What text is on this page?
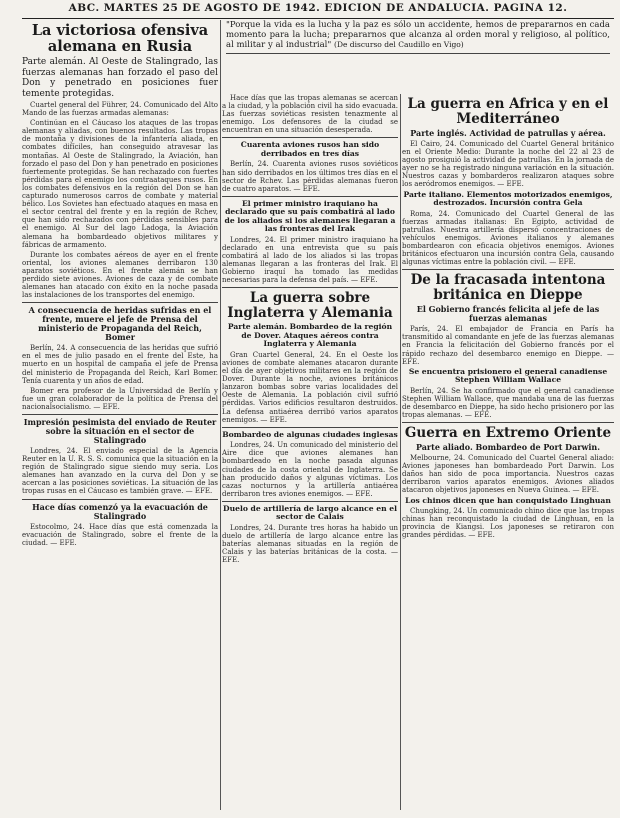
ABC. MARTES 25 DE AGOSTO DE 1942. EDICION DE ANDALUCIA. PAGINA 12.
La victoriosa ofensiva alemana en Rusia
Parte alemán. Al Oeste de Stalingrado, las fuerzas alemanas han forzado el paso del Don y penetrado en posiciones fuer temente protegidas.

Cuartel general del Führer, 24. Comunicado del Alto Mando de las fuerzas armadas alemanas:

Continúan en el Cáucaso los ataques de las tropas alemanas y aliadas, con buenos resultados. Las tropas de montaña y divisiones de la infantería aliada, en combates difíciles, han conseguido atravesar las montañas. Al Oeste de Stalingrado, la Aviación, han forzado el paso del Don y han penetrado en posiciones fuertemente protegidas. Se han rechazado con fuertes pérdidas para el enemigo los contraataques rusos. En los combates defensivos en la región del Don se han capturado numerosos carros de combate y material bélico. Los Sovietes han efectuado ataques en masa en el sector central del frente y en la región de Rchev, que han sido rechazados con pérdidas sensibles para el enemigo. Al Sur del lago Ladoga, la Aviación alemana ha bombardeado objetivos militares y fábricas de armamento.

Durante los combates aéreos de ayer en el frente oriental, los aviones alemanes derribaron 130 aparatos soviéticos. En el frente alemán se han perdido siete aviones. Aviones de caza y de combate alemanes han atacado con éxito en la noche pasada las instalaciones de los transportes del enemigo.

A consecuencia de heridas sufridas en el frente, muere el jefe de Prensa del ministerio de Propaganda del Reich, Bomer

Berlín, 24. A consecuencia de las heridas que sufrió en el mes de julio pasado en el frente del Este, ha muerto en un hospital de campaña el jefe de Prensa del ministerio de Propaganda del Reich, Karl Bomer. Tenía cuarenta y un años de edad.

Bomer era profesor de la Universidad de Berlín y fue un gran colaborador de la política de Prensa del nacionalsocialismo. — EFE.

Impresión pesimista del enviado de Reuter sobre la situación en el sector de Stalingrado

Londres, 24. El enviado especial de la Agencia Reuter en la U. R. S. S. comunica que la situación en la región de Stalingrado sigue siendo muy seria. Los alemanes han avanzado en la curva del Don y se acercan a las posiciones soviéticas. La situación de las tropas rusas en el Cáucaso es también grave. — EFE.

Hace días comenzó ya la evacuación de Stalingrado

Estocolmo, 24. Hace días que está comenzada la evacuación de Stalingrado, sobre el frente de la ciudad. — EFE.

"Porque la vida es la lucha y la paz es sólo un accidente, hemos de prepararnos en cada momento para la lucha; prepararnos que alcanza al orden moral y religioso, al político, al militar y al industrial" (De discurso del Caudillo en Vigo)

Hace días que las tropas alemanas se acercan a la ciudad, y la población civil ha sido evacuada. Las fuerzas soviéticas resisten tenazmente al enemigo. Los defensores de la ciudad se encuentran en una situación desesperada.

Cuarenta aviones rusos han sido derribados en tres días

Berlín, 24. Cuarenta aviones rusos soviéticos han sido derribados en los últimos tres días en el sector de Rchev. Las pérdidas alemanas fueron de cuatro aparatos. — EFE.

El primer ministro iraquiano ha declarado que su país combatirá al lado de los aliados si los alemanes llegaran a las fronteras del Irak

Londres, 24. El primer ministro iraquiano ha declarado en una entrevista que su país combatirá al lado de los aliados si las tropas alemanas llegaran a las fronteras del Irak. El Gobierno iraquí ha tomado las medidas necesarias para la defensa del país. — EFE.

La guerra sobre Inglaterra y Alemania
Parte alemán. Bombardeo de la región de Dover. Ataques aéreos contra Inglaterra y Alemania

Gran Cuartel General, 24. En el Oeste los aviones de combate alemanes atacaron durante el día de ayer objetivos militares en la región de Dover. Durante la noche, aviones británicos lanzaron bombas sobre varias localidades del Oeste de Alemania. La población civil sufrió pérdidas. Varios edificios resultaron destruidos. La defensa antiaérea derribó varios aparatos enemigos. — EFE.

Bombardeo de algunas ciudades inglesas

Londres, 24. Un comunicado del ministerio del Aire dice que aviones alemanes han bombardeado en la noche pasada algunas ciudades de la costa oriental de Inglaterra. Se han producido daños y algunas víctimas. Los cazas nocturnos y la artillería antiaérea derribaron tres aviones enemigos. — EFE.

Duelo de artillería de largo alcance en el sector de Calais

Londres, 24. Durante tres horas ha habido un duelo de artillería de largo alcance entre las baterías alemanas situadas en la región de Calais y las baterías británicas de la costa. — EFE.

La guerra en Africa y en el Mediterráneo
Parte inglés. Actividad de patrullas y aérea.

El Cairo, 24. Comunicado del Cuartel General británico en el Oriente Medio: Durante la noche del 22 al 23 de agosto prosiguió la actividad de patrullas. En la jornada de ayer no se ha registrado ninguna variación en la situación. Nuestros cazas y bombarderos realizaron ataques sobre los aeródromos enemigos. — EFE.

Parte italiano. Elementos motorizados enemigos, destrozados. Incursión contra Gela

Roma, 24. Comunicado del Cuartel General de las fuerzas armadas italianas: En Egipto, actividad de patrullas. Nuestra artillería dispersó concentraciones de vehículos enemigos. Aviones italianos y alemanes bombardearon con eficacia objetivos enemigos. Aviones británicos efectuaron una incursión contra Gela, causando algunas víctimas entre la población civil. — EFE.

De la fracasada intentona británica en Dieppe
El Gobierno francés felicita al jefe de las fuerzas alemanas

París, 24. El embajador de Francia en París ha transmitido al comandante en jefe de las fuerzas alemanas en Francia la felicitación del Gobierno francés por el rápido rechazo del desembarco enemigo en Dieppe. — EFE.

Se encuentra prisionero el general canadiense Stephen William Wallace

Berlín, 24. Se ha confirmado que el general canadiense Stephen William Wallace, que mandaba una de las fuerzas de desembarco en Dieppe, ha sido hecho prisionero por las tropas alemanas. — EFE.

Guerra en Extremo Oriente
Parte aliado. Bombardeo de Port Darwin.

Melbourne, 24. Comunicado del Cuartel General aliado: Aviones japoneses han bombardeado Port Darwin. Los daños han sido de poca importancia. Nuestros cazas derribaron varios aparatos enemigos. Aviones aliados atacaron objetivos japoneses en Nueva Guinea. — EFE.

Los chinos dicen que han conquistado Linghuan

Chungking, 24. Un comunicado chino dice que las tropas chinas han reconquistado la ciudad de Linghuan, en la provincia de Kiangsi. Los japoneses se retiraron con grandes pérdidas. — EFE.
